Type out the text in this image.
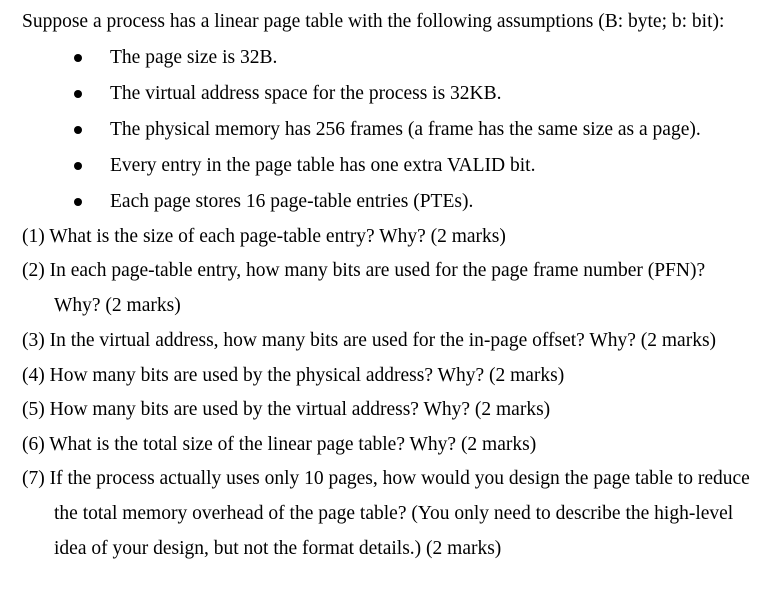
Suppose a process has a linear page table with the following assumptions (B: byte; b: bit):
The page size is 32B.
The virtual address space for the process is 32KB.
The physical memory has 256 frames (a frame has the same size as a page).
Every entry in the page table has one extra VALID bit.
Each page stores 16 page-table entries (PTEs).
(1) What is the size of each page-table entry? Why? (2 marks)
(2) In each page-table entry, how many bits are used for the page frame number (PFN)?
Why? (2 marks)
(3) In the virtual address, how many bits are used for the in-page offset? Why? (2 marks)
(4) How many bits are used by the physical address? Why? (2 marks)
(5) How many bits are used by the virtual address? Why? (2 marks)
(6) What is the total size of the linear page table? Why? (2 marks)
(7) If the process actually uses only 10 pages, how would you design the page table to reduce
the total memory overhead of the page table? (You only need to describe the high-level
idea of your design, but not the format details.) (2 marks)
